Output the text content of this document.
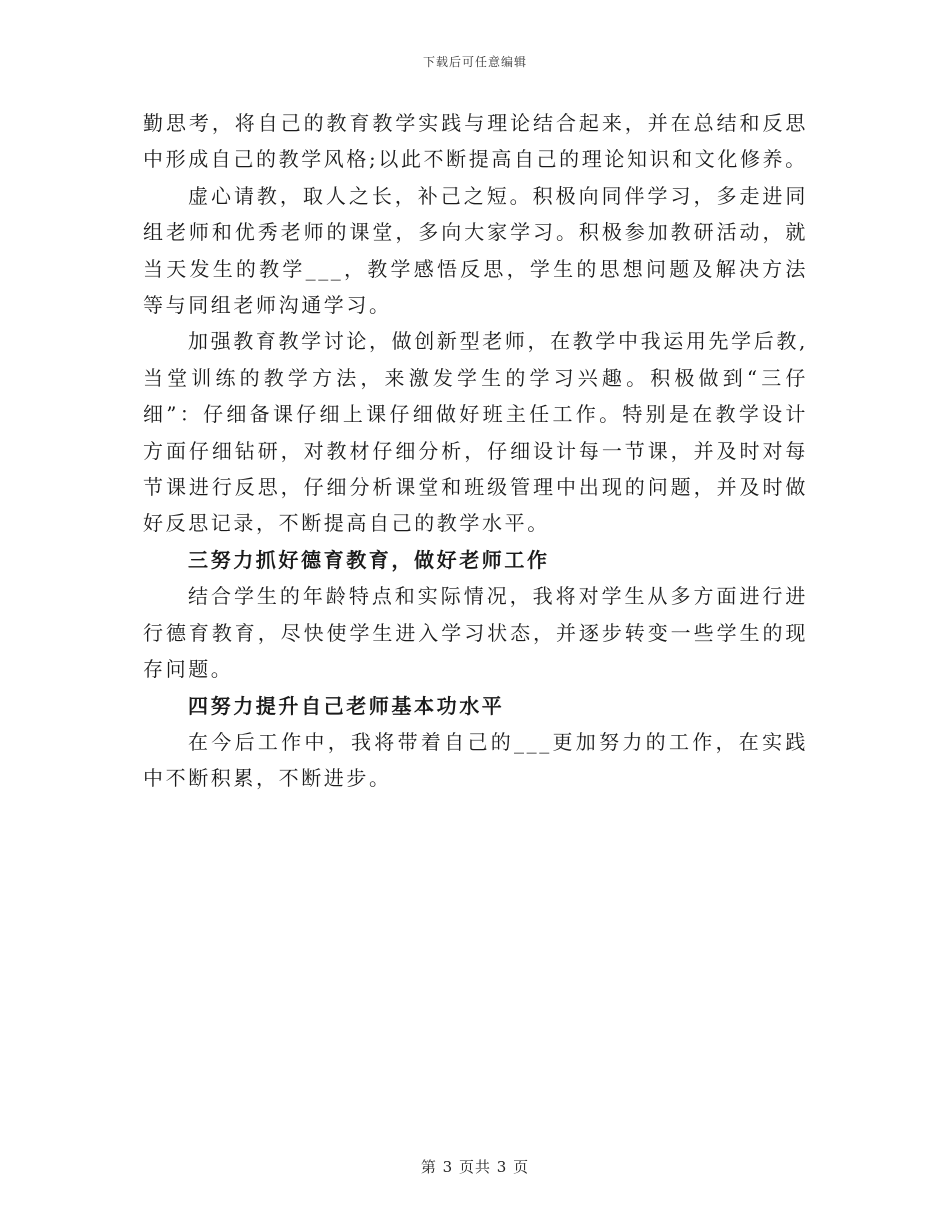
下载后可任意编辑

勤思考，将自己的教育教学实践与理论结合起来，并在总结和反思中形成自己的教学风格;以此不断提高自己的理论知识和文化修养。

虚心请教，取人之长，补己之短。积极向同伴学习，多走进同组老师和优秀老师的课堂，多向大家学习。积极参加教研活动，就当天发生的教学___，教学感悟反思，学生的思想问题及解决方法等与同组老师沟通学习。

加强教育教学讨论，做创新型老师，在教学中我运用先学后教,当堂训练的教学方法，来激发学生的学习兴趣。积极做到“三仔细”：仔细备课仔细上课仔细做好班主任工作。特别是在教学设计方面仔细钻研，对教材仔细分析，仔细设计每一节课，并及时对每节课进行反思，仔细分析课堂和班级管理中出现的问题，并及时做好反思记录，不断提高自己的教学水平。

三努力抓好德育教育，做好老师工作

结合学生的年龄特点和实际情况，我将对学生从多方面进行进行德育教育，尽快使学生进入学习状态，并逐步转变一些学生的现存问题。

四努力提升自己老师基本功水平

在今后工作中，我将带着自己的___更加努力的工作，在实践中不断积累，不断进步。

第 3 页共 3 页
